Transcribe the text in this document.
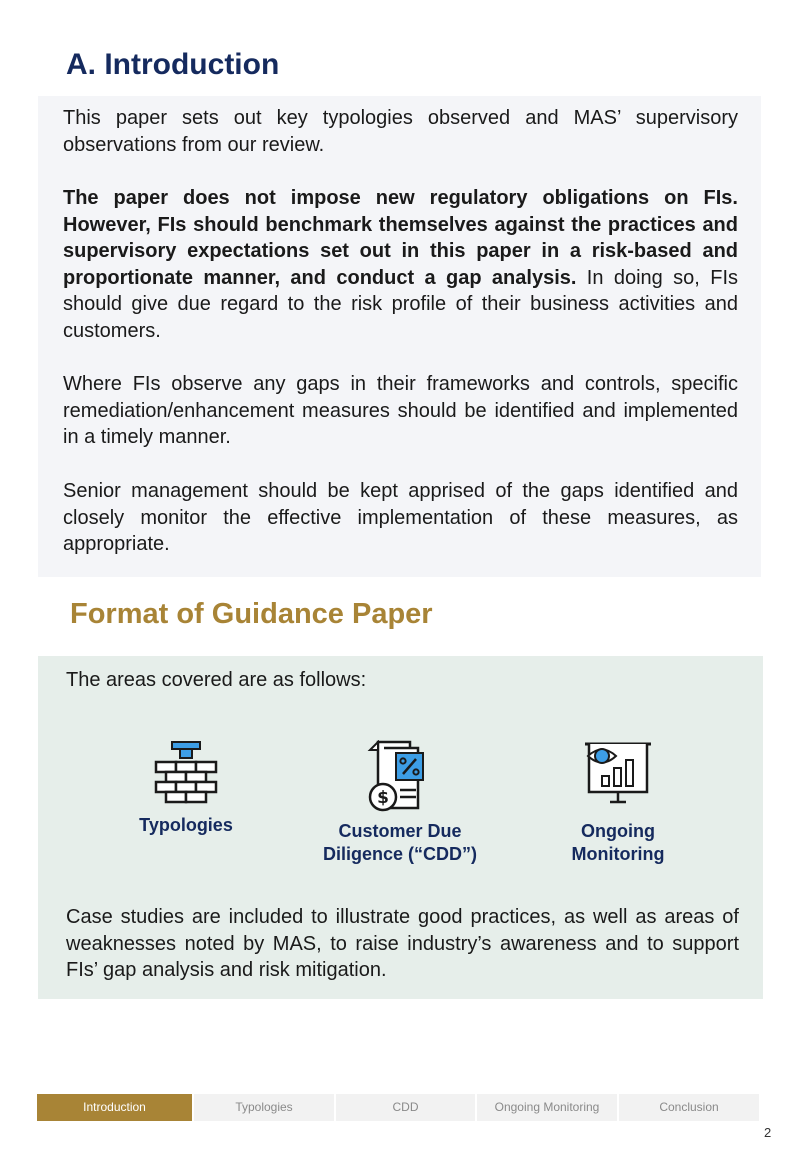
A. Introduction

This paper sets out key typologies observed and MAS’ supervisory observations from our review.

The paper does not impose new regulatory obligations on FIs. However, FIs should benchmark themselves against the practices and supervisory expectations set out in this paper in a risk-based and proportionate manner, and conduct a gap analysis. In doing so, FIs should give due regard to the risk profile of their business activities and customers.

Where FIs observe any gaps in their frameworks and controls, specific remediation/enhancement measures should be identified and implemented in a timely manner.

Senior management should be kept apprised of the gaps identified and closely monitor the effective implementation of these measures, as appropriate.

Format of Guidance Paper

The areas covered are as follows:

Typologies
$
Customer Due
Diligence (“CDD”)
Ongoing
Monitoring

Case studies are included to illustrate good practices, as well as areas of weaknesses noted by MAS, to raise industry’s awareness and to support FIs’ gap analysis and risk mitigation.

Introduction	Typologies	CDD	Ongoing Monitoring	Conclusion
2
